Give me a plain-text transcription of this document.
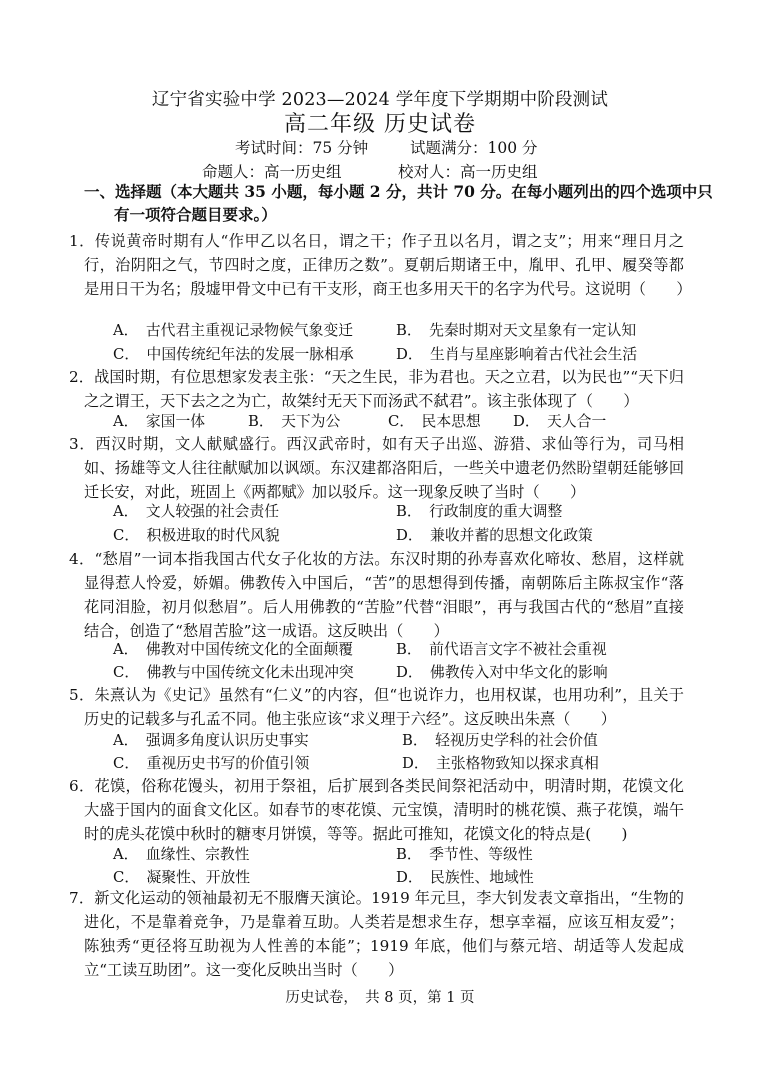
辽宁省实验中学 2023—2024 学年度下学期期中阶段测试
高二年级 历史试卷
考试时间：75 分钟	试题满分：100 分
命题人：高一历史组	校对人：高一历史组
一、选择题（本大题共 35 小题，每小题 2 分，共计 70 分。在每小题列出的四个选项中只有一项符合题目要求。）
1．传说黄帝时期有人“作甲乙以名日，谓之干；作子丑以名月，谓之支”；用来“理日月之行，治阴阳之气，节四时之度，正律历之数”。夏朝后期诸王中，胤甲、孔甲、履癸等都是用日干为名；殷墟甲骨文中已有干支形，商王也多用天干的名字为代号。这说明（　　）
A．　古代君主重视记录物候气象变迁	B．　先秦时期对天文星象有一定认知
C．　中国传统纪年法的发展一脉相承	D．　生肖与星座影响着古代社会生活
2．战国时期，有位思想家发表主张：“天之生民，非为君也。天之立君，以为民也”“天下归之之谓王，天下去之之为亡，故桀纣无天下而汤武不弑君”。该主张体现了（　　）
A．　家国一体	B．　天下为公	C．　民本思想 D．　天人合一
3．西汉时期，文人献赋盛行。西汉武帝时，如有天子出巡、游猎、求仙等行为，司马相如、扬雄等文人往往献赋加以讽颂。东汉建都洛阳后，一些关中遗老仍然盼望朝廷能够回迁长安，对此，班固上《两都赋》加以驳斥。这一现象反映了当时（　　）
A．　文人较强的社会责任	B．　行政制度的重大调整
C．　积极进取的时代风貌	D．　兼收并蓄的思想文化政策
4．“愁眉”一词本指我国古代女子化妆的方法。东汉时期的孙寿喜欢化啼妆、愁眉，这样就显得惹人怜爱，娇媚。佛教传入中国后，“苦”的思想得到传播，南朝陈后主陈叔宝作“落花同泪脸，初月似愁眉”。后人用佛教的“苦脸”代替“泪眼”，再与我国古代的“愁眉”直接结合，创造了“愁眉苦脸”这一成语。这反映出（　　）
A．　佛教对中国传统文化的全面颠覆	B．　前代语言文字不被社会重视
C．　佛教与中国传统文化未出现冲突	D．　佛教传入对中华文化的影响
5．朱熹认为《史记》虽然有“仁义”的内容，但“也说诈力，也用权谋，也用功利”，且关于历史的记载多与孔孟不同。他主张应该“求义理于六经”。这反映出朱熹（　　）
A．　强调多角度认识历史事实	B．　轻视历史学科的社会价值
C．　重视历史书写的价值引领	D．　主张格物致知以探求真相
6．花馍，俗称花馒头，初用于祭祖，后扩展到各类民间祭祀活动中，明清时期，花馍文化大盛于国内的面食文化区。如春节的枣花馍、元宝馍，清明时的桃花馍、燕子花馍，端午时的虎头花馍中秋时的糖枣月饼馍，等等。据此可推知，花馍文化的特点是(　　)
A．　血缘性、宗教性	B．　季节性、等级性
C．　凝聚性、开放性	D．　民族性、地域性
7．新文化运动的领袖最初无不服膺天演论。1919 年元旦，李大钊发表文章指出，“生物的进化，不是靠着竞争，乃是靠着互助。人类若是想求生存，想享幸福，应该互相友爱”；陈独秀“更径将互助视为人性善的本能”；1919 年底，他们与蔡元培、胡适等人发起成立“工读互助团”。这一变化反映出当时（　　）
历史试卷，　共 8 页，第 1 页
